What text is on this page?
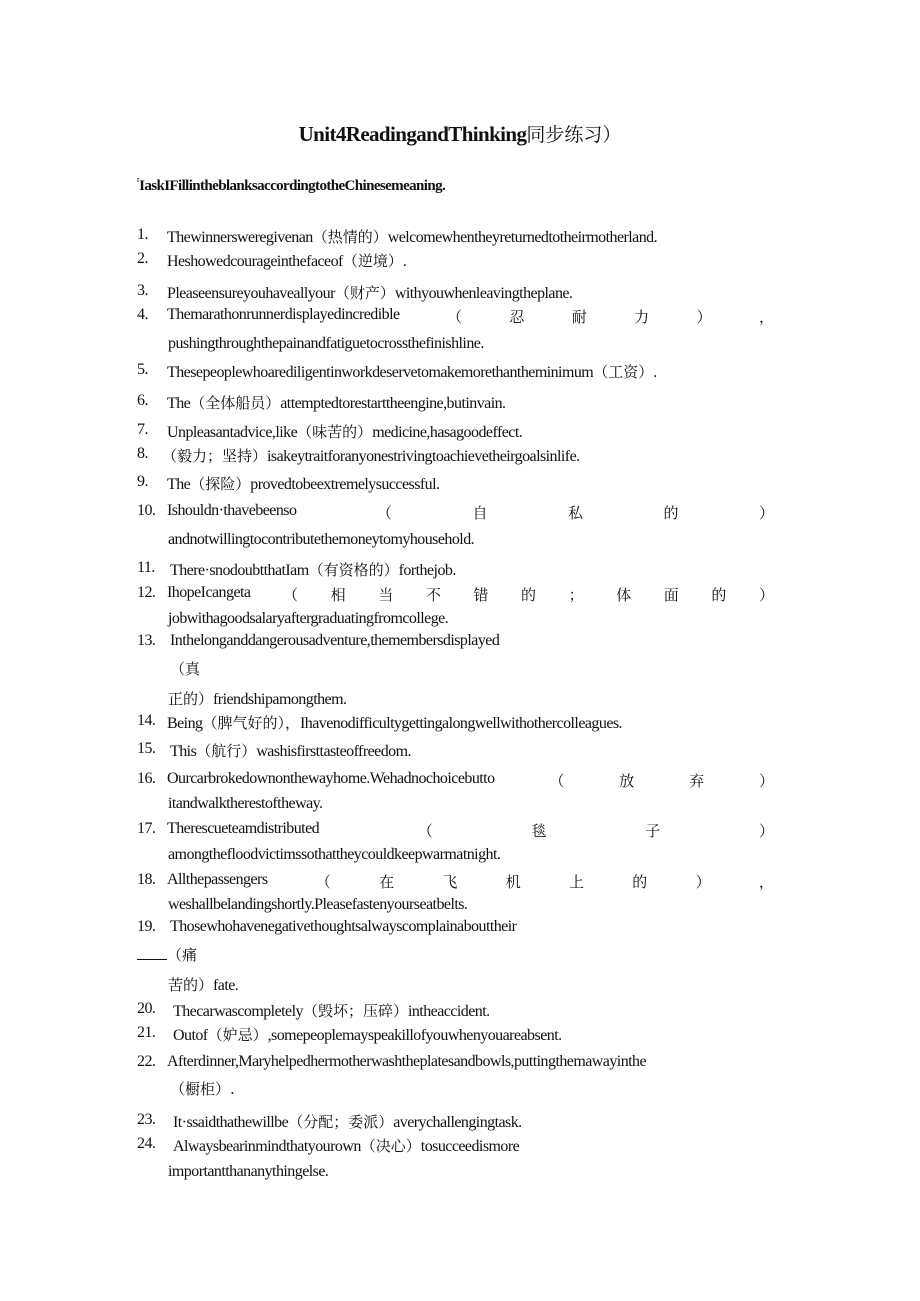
Unit4ReadingandThinking同步练习）
$^r$IaskIFillintheblanksaccordingtotheChinesemeaning.
1. Thewinnersweregivenan（热情的）welcomewhentheyreturnedtotheirmotherland.
2. Heshowedcourageinthefaceof（逆境）.
3. Pleaseensureyouhaveallyour（财产）withyouwhenleavingtheplane.
4. Themarathonrunnerdisplayedincredible	（	忍	耐	力	）	，
pushingthroughthepainandfatiguetocrossthefinishline.
5. Thesepeoplewhoarediligentinworkdeservetomakemorethantheminimum（工资）.
6. The（全体船员）attemptedtorestarttheengine,butinvain.
7. Unpleasantadvice,like（味苦的）medicine,hasagoodeffect.
8. （毅力；坚持）isakeytraitforanyonestrivingtoachievetheirgoalsinlife.
9. The（探险）provedtobeextremelysuccessful.
10. Ishouldn·thavebeenso	（	自	私	的	）
andnotwillingtocontributethemoneytomyhousehold.
11. There·snodoubtthatIam（有资格的）forthejob.
12. IhopeIcangeta （ 相 当 不 错 的 ； 体 面 的 ）
jobwithagoodsalaryaftergraduatingfromcollege.
13. Inthelonganddangerousadventure,themembersdisplayed
（真
正的）friendshipamongthem.
14. Being（脾气好的），Ihavenodifficultygettingalongwellwithothercolleagues.
15. This（航行）washisfirsttasteoffreedom.
16. Ourcarbrokedownonthewayhome.Wehadnochoicebutto	（	放	弃	）
itandwalktherestoftheway.
17. Therescueteamdistributed	（	毯	子	）
amongthefloodvictimssothattheycouldkeepwarmatnight.
18. Allthepassengers	（	在	飞	机	上	的	）	，
weshallbelandingshortly.Pleasefastenyourseatbelts.
19. Thosewhohavenegativethoughtsalwayscomplainabouttheir
（痛
苦的）fate.
20. Thecarwascompletely（毁坏；压碎）intheaccident.
21. Outof（妒忌）,somepeoplemayspeakillofyouwhenyouareabsent.
22. Afterdinner,Maryhelpedhermotherwashtheplatesandbowls,puttingthemawayinthe
（橱柜）.
23. It·ssaidthathewillbe（分配；委派）averychallengingtask.
24. Alwaysbearinmindthatyourown（决心）tosucceedismore
importantthananythingelse.
